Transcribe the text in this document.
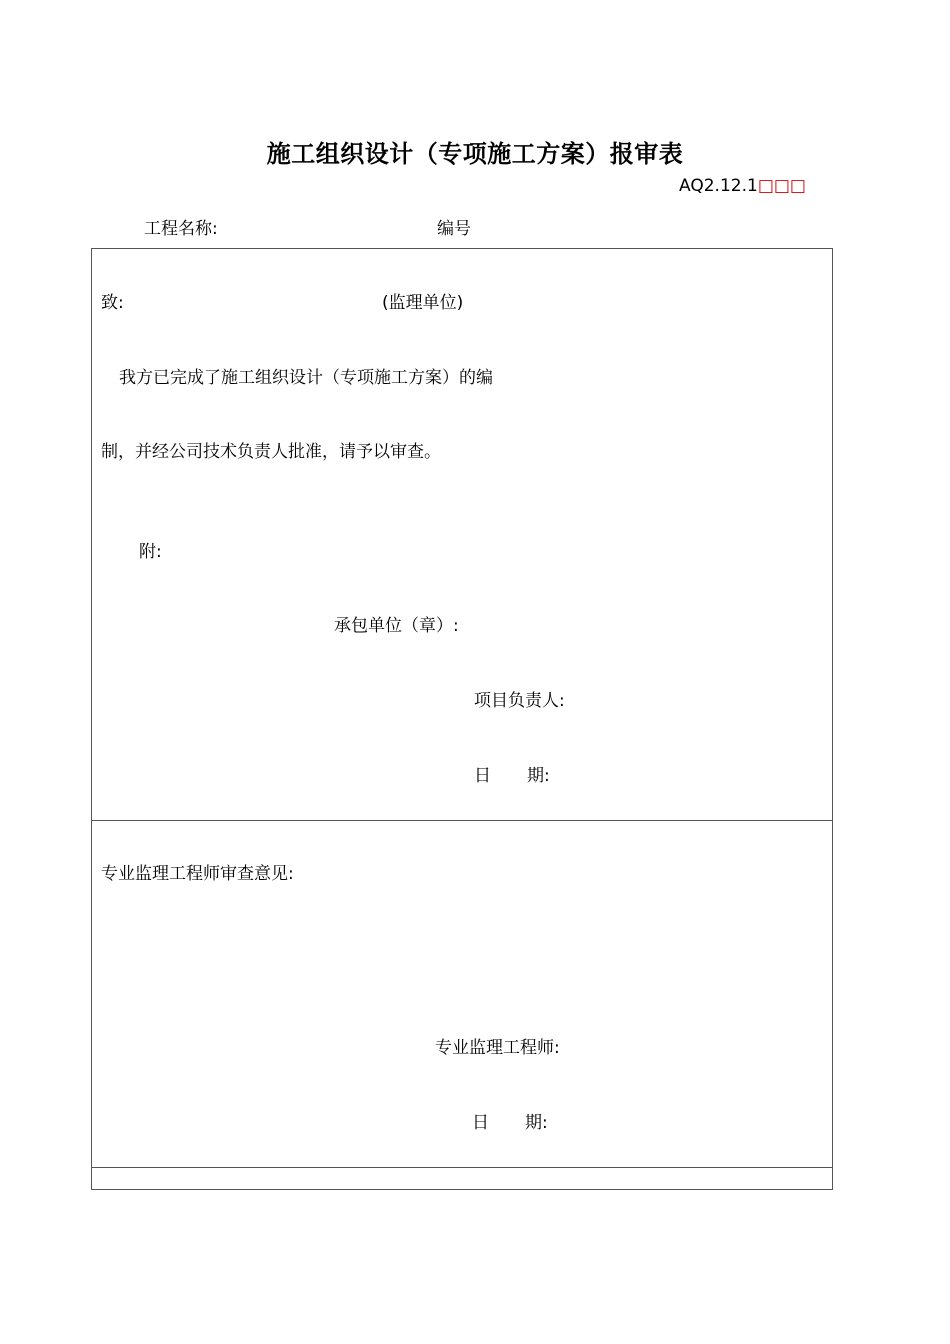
施工组织设计（专项施工方案）报审表
AQ2.12.1□□□
工程名称:	编号
致:	(监理单位)
我方已完成了施工组织设计（专项施工方案）的编
制，并经公司技术负责人批准，请予以审查。
附:
承包单位（章）:
项目负责人:
日 期:
专业监理工程师审查意见:
专业监理工程师:
日 期:
